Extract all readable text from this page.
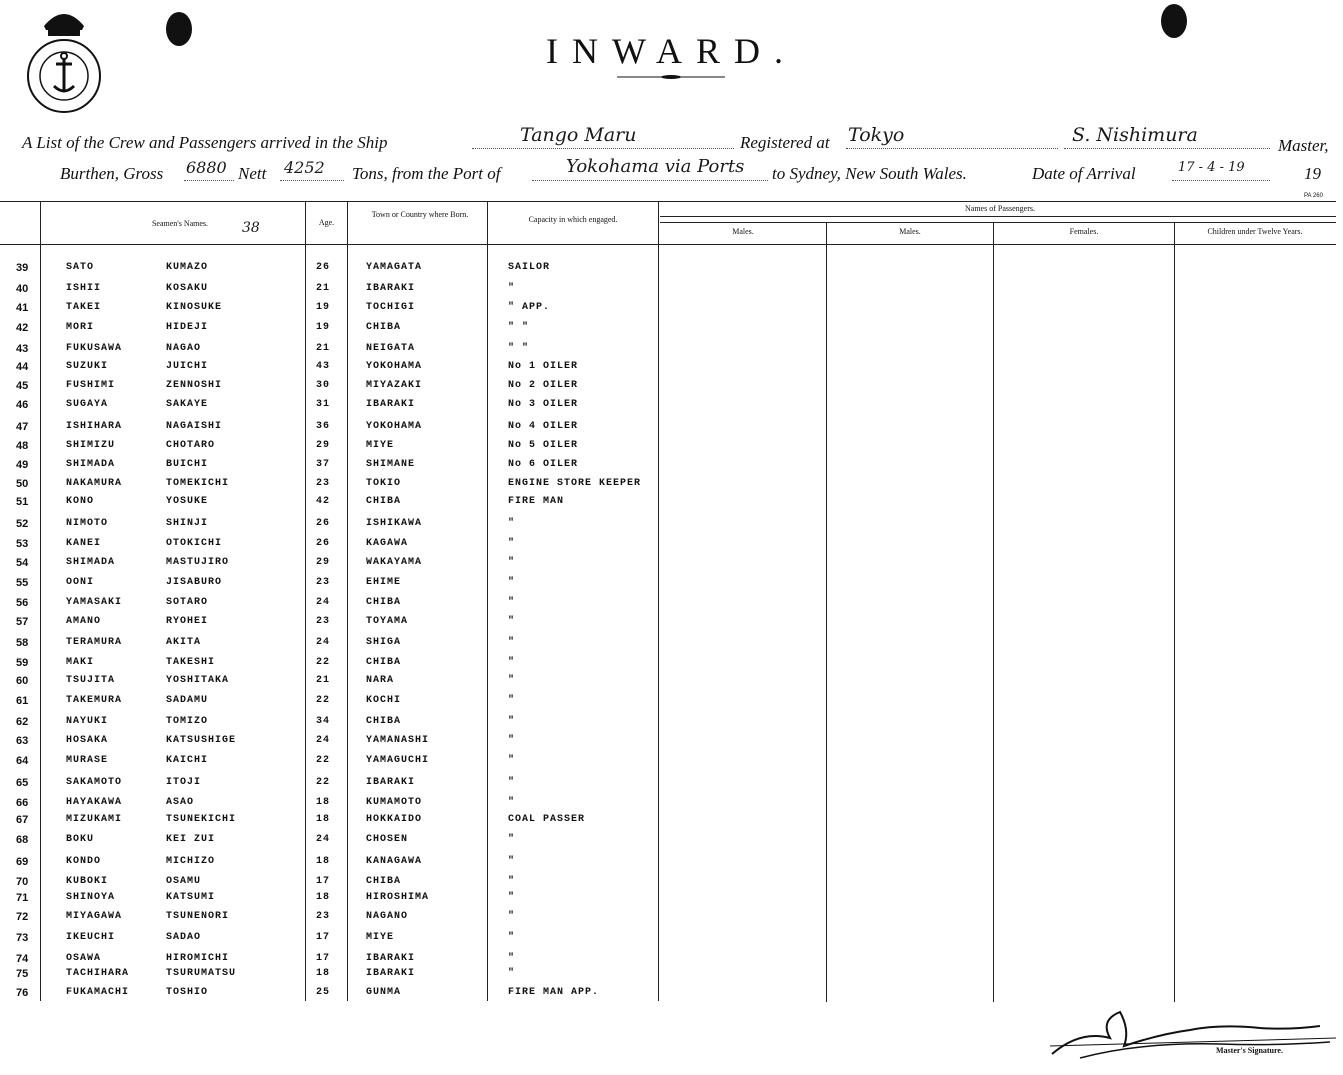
INWARD.
A List of the Crew and Passengers arrived in the Ship	Tango Maru	Registered at Tokyo	S. Nishimura	Master,
Burthen, Gross 6880 Nett 4252 Tons, from the Port of	Yokohama via Ports to Sydney, New South Wales.	Date of Arrival	17 - 4 - 19	19
PA 260
Seamen's Names.	38	Age.
Town or Country where Born.
Capacity in which engaged.
Names of Passengers.
Males.	Males.	Females.	Children under Twelve Years.
39	SATO	KUMAZO	26	YAMAGATA	SAILOR
40	ISHII	KOSAKU	21	IBARAKI	"
41	TAKEI	KINOSUKE	19	TOCHIGI	" APP.
42	MORI	HIDEJI	19	CHIBA	" "
43	FUKUSAWA	NAGAO	21	NEIGATA	" "
44	SUZUKI	JUICHI	43	YOKOHAMA	No 1 OILER
45	FUSHIMI	ZENNOSHI	30	MIYAZAKI	No 2 OILER
46	SUGAYA	SAKAYE	31	IBARAKI	No 3 OILER
47	ISHIHARA	NAGAISHI	36	YOKOHAMA	No 4 OILER
48	SHIMIZU	CHOTARO	29	MIYE	No 5 OILER
49	SHIMADA	BUICHI	37	SHIMANE	No 6 OILER
50	NAKAMURA	TOMEKICHI	23	TOKIO	ENGINE STORE KEEPER
51	KONO	YOSUKE	42	CHIBA	FIRE MAN
52	NIMOTO	SHINJI	26	ISHIKAWA	"
53	KANEI	OTOKICHI	26	KAGAWA	"
54	SHIMADA	MASTUJIRO	29	WAKAYAMA	"
55	OONI	JISABURO	23	EHIME	"
56	YAMASAKI	SOTARO	24	CHIBA	"
57	AMANO	RYOHEI	23	TOYAMA	"
58	TERAMURA	AKITA	24	SHIGA	"
59	MAKI	TAKESHI	22	CHIBA	"
60	TSUJITA	YOSHITAKA	21	NARA	"
61	TAKEMURA	SADAMU	22	KOCHI	"
62	NAYUKI	TOMIZO	34	CHIBA	"
63	HOSAKA	KATSUSHIGE	24	YAMANASHI	"
64	MURASE	KAICHI	22	YAMAGUCHI	"
65	SAKAMOTO	ITOJI	22	IBARAKI	"
66	HAYAKAWA	ASAO	18	KUMAMOTO	"
67	MIZUKAMI	TSUNEKICHI	18	HOKKAIDO	COAL PASSER
68	BOKU	KEI ZUI	24	CHOSEN	"
69	KONDO	MICHIZO	18	KANAGAWA	"
70	KUBOKI	OSAMU	17	CHIBA	"
71	SHINOYA	KATSUMI	18	HIROSHIMA	"
72	MIYAGAWA	TSUNENORI	23	NAGANO	"
73	IKEUCHI	SADAO	17	MIYE	"
74	OSAWA	HIROMICHI	17	IBARAKI	"
75	TACHIHARA	TSURUMATSU	18	IBARAKI	"
76	FUKAMACHI	TOSHIO	25	GUNMA	FIRE MAN APP.
Master's Signature.
